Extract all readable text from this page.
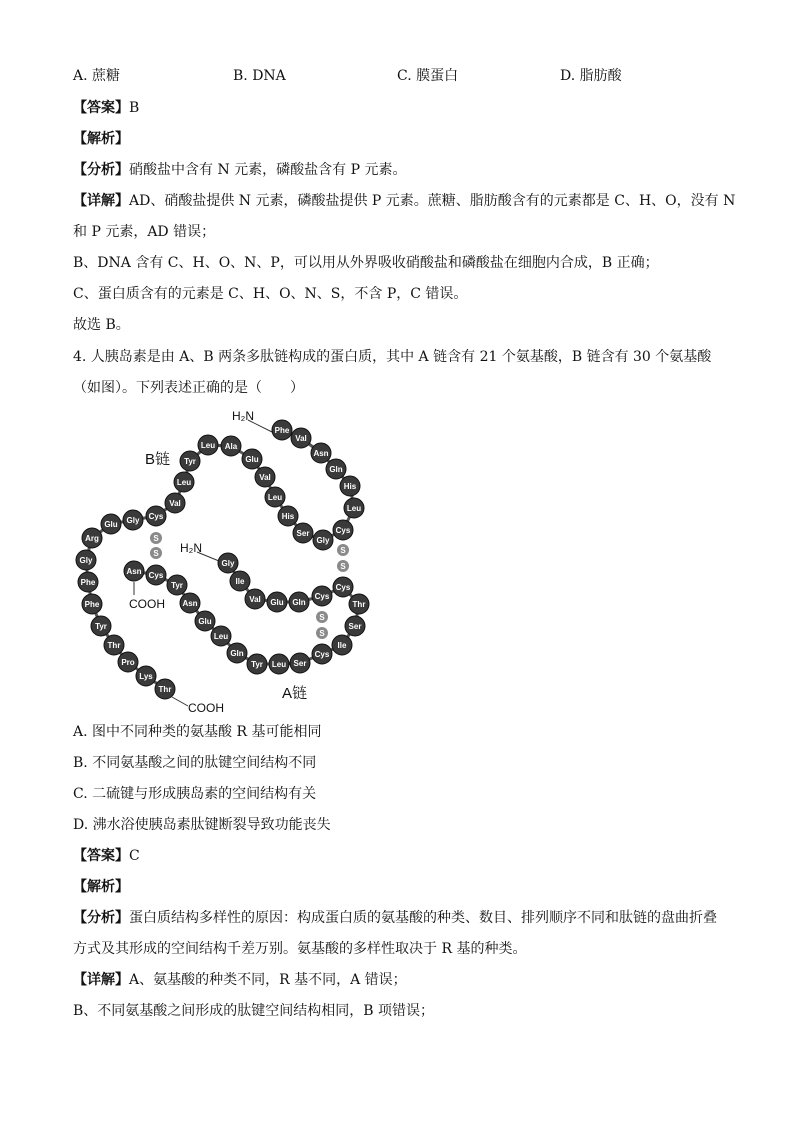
A. 蔗糖	B. DNA	C. 膜蛋白	D. 脂肪酸
【答案】B
【解析】
【分析】硝酸盐中含有 N 元素，磷酸盐含有 P 元素。
【详解】AD、硝酸盐提供 N 元素，磷酸盐提供 P 元素。蔗糖、脂肪酸含有的元素都是 C、H、O，没有 N
和 P 元素，AD 错误；
B、DNA 含有 C、H、O、N、P，可以用从外界吸收硝酸盐和磷酸盐在细胞内合成，B 正确；
C、蛋白质含有的元素是 C、H、O、N、S，不含 P，C 错误。
故选 B。
4. 人胰岛素是由 A、B 两条多肽链构成的蛋白质，其中 A 链含有 21 个氨基酸，B 链含有 30 个氨基酸
（如图）。下列表述正确的是（　　）
Phe
Val
Asn
Gln
His
Leu
Cys
Gly
Ser
His
Leu
Val
Glu
Ala
Leu
Tyr
Leu
Val
Cys
Gly
Glu
Arg
Gly
Phe
Phe
Tyr
Thr
Pro
Lys
Thr
Gly
Ile
Val Glu Gln
Cys
Cys
Thr
Ser
Ile
Cys
Ser
Leu
Tyr
Gln
Leu
Glu
Asn
Tyr
Cys
Asn
S
S	S
S
S
S
H₂N
H₂N
COOH
COOH
B链
A链
A. 图中不同种类的氨基酸 R 基可能相同
B. 不同氨基酸之间的肽键空间结构不同
C. 二硫键与形成胰岛素的空间结构有关
D. 沸水浴使胰岛素肽键断裂导致功能丧失
【答案】C
【解析】
【分析】蛋白质结构多样性的原因：构成蛋白质的氨基酸的种类、数目、排列顺序不同和肽链的盘曲折叠
方式及其形成的空间结构千差万别。氨基酸的多样性取决于 R 基的种类。
【详解】A、氨基酸的种类不同，R 基不同，A 错误；
B、不同氨基酸之间形成的肽键空间结构相同，B 项错误；
